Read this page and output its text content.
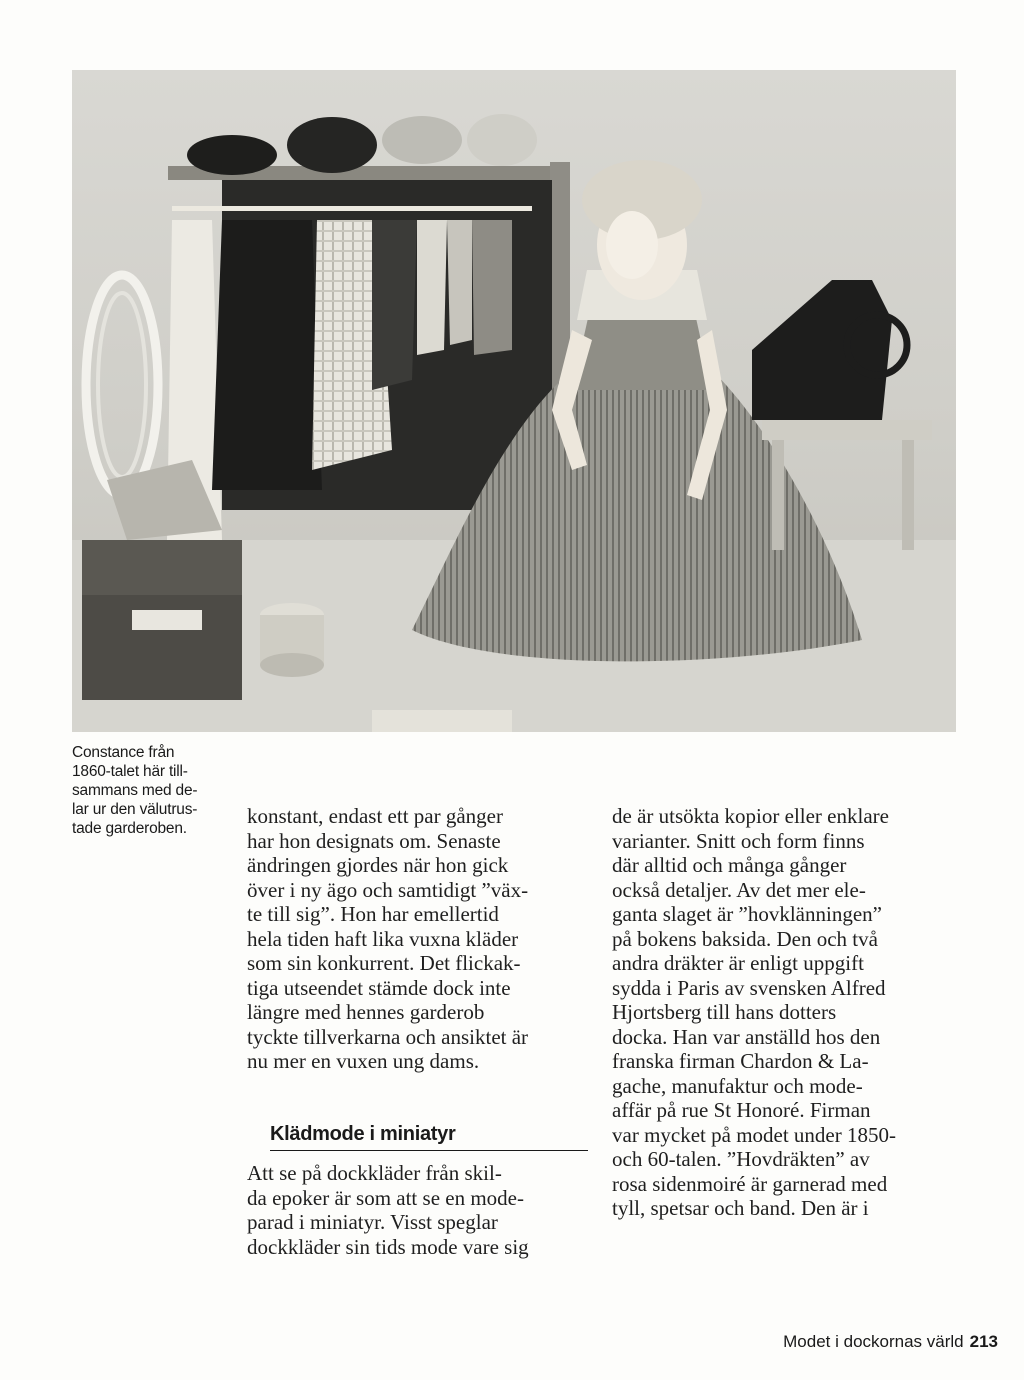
Constance från
1860-talet här till-
sammans med de-
lar ur den välutrus-
tade garderoben.
konstant, endast ett par gånger
har hon designats om. Senaste
ändringen gjordes när hon gick
över i ny ägo och samtidigt ”väx-
te till sig”. Hon har emellertid
hela tiden haft lika vuxna kläder
som sin konkurrent. Det flickak-
tiga utseendet stämde dock inte
längre med hennes garderob
tyckte tillverkarna och ansiktet är
nu mer en vuxen ung dams.
Klädmode i miniatyr
Att se på dockkläder från skil-
da epoker är som att se en mode-
parad i miniatyr. Visst speglar
dockkläder sin tids mode vare sig
de är utsökta kopior eller enklare
varianter. Snitt och form finns
där alltid och många gånger
också detaljer. Av det mer ele-
ganta slaget är ”hovklänningen”
på bokens baksida. Den och två
andra dräkter är enligt uppgift
sydda i Paris av svensken Alfred
Hjortsberg till hans dotters
docka. Han var anställd hos den
franska firman Chardon & La-
gache, manufaktur och mode-
affär på rue St Honoré. Firman
var mycket på modet under 1850-
och 60-talen. ”Hovdräkten” av
rosa sidenmoiré är garnerad med
tyll, spetsar och band. Den är i
Modet i dockornas värld 213
